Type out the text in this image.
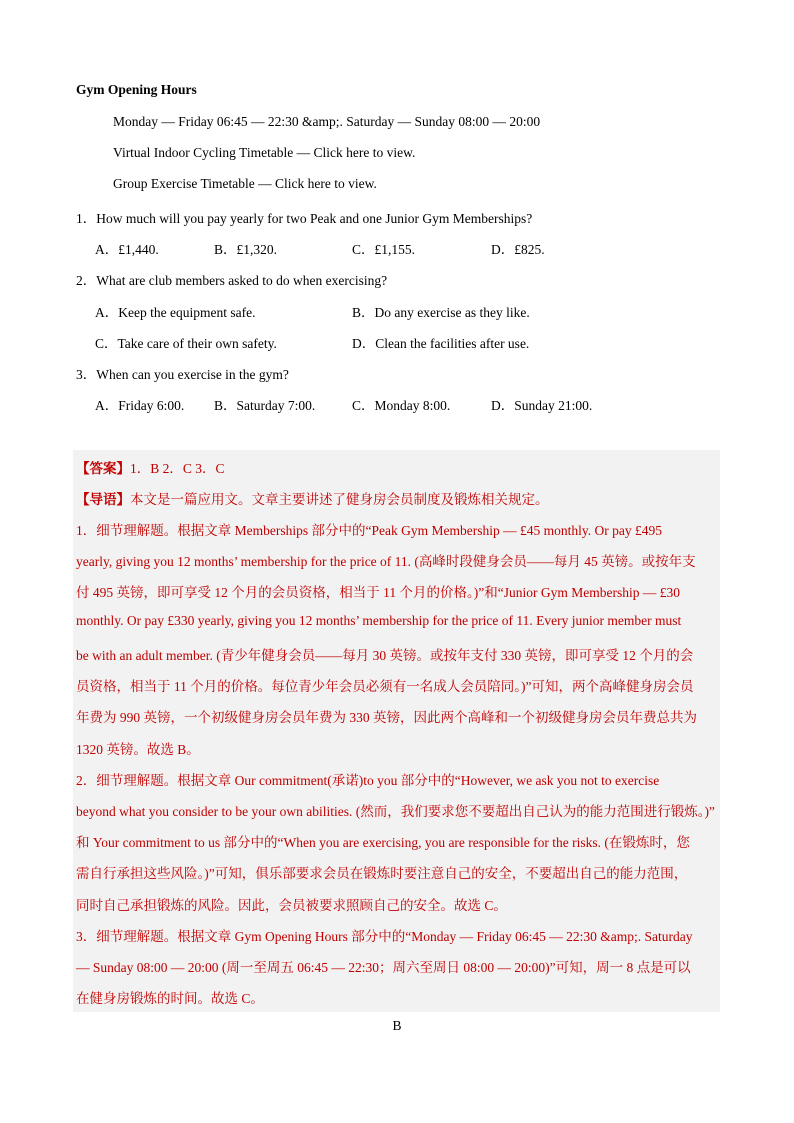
Gym Opening Hours
Monday — Friday 06:45 — 22:30 &amp;. Saturday — Sunday 08:00 — 20:00
Virtual Indoor Cycling Timetable — Click here to view.
Group Exercise Timetable — Click here to view.
1．How much will you pay yearly for two Peak and one Junior Gym Memberships?
A．£1,440.	B．£1,320.	C．£1,155.	D．£825.
2．What are club members asked to do when exercising?
A．Keep the equipment safe.	B．Do any exercise as they like.
C．Take care of their own safety.	D．Clean the facilities after use.
3．When can you exercise in the gym?
A．Friday 6:00. B．Saturday 7:00.	C．Monday 8:00.	D．Sunday 21:00.
【答案】1．B 2．C 3．C
【导语】本文是一篇应用文。文章主要讲述了健身房会员制度及锻炼相关规定。
1．细节理解题。根据文章 Memberships 部分中的“Peak Gym Membership — £45 monthly. Or pay £495
yearly, giving you 12 months’ membership for the price of 11. (高峰时段健身会员——每月 45 英镑。或按年支
付 495 英镑，即可享受 12 个月的会员资格，相当于 11 个月的价格。)”和“Junior Gym Membership — £30
monthly. Or pay £330 yearly, giving you 12 months’ membership for the price of 11. Every junior member must
be with an adult member. (青少年健身会员——每月 30 英镑。或按年支付 330 英镑，即可享受 12 个月的会
员资格，相当于 11 个月的价格。每位青少年会员必须有一名成人会员陪同。)”可知，两个高峰健身房会员
年费为 990 英镑，一个初级健身房会员年费为 330 英镑，因此两个高峰和一个初级健身房会员年费总共为
1320 英镑。故选 B。
2．细节理解题。根据文章 Our commitment(承诺)to you 部分中的“However, we ask you not to exercise
beyond what you consider to be your own abilities. (然而，我们要求您不要超出自己认为的能力范围进行锻炼。)”
和 Your commitment to us 部分中的“When you are exercising, you are responsible for the risks. (在锻炼时，您
需自行承担这些风险。)”可知，俱乐部要求会员在锻炼时要注意自己的安全，不要超出自己的能力范围，
同时自己承担锻炼的风险。因此，会员被要求照顾自己的安全。故选 C。
3．细节理解题。根据文章 Gym Opening Hours 部分中的“Monday — Friday 06:45 — 22:30 &amp;. Saturday
— Sunday 08:00 — 20:00 (周一至周五 06:45 — 22:30；周六至周日 08:00 — 20:00)”可知，周一 8 点是可以
在健身房锻炼的时间。故选 C。
B
